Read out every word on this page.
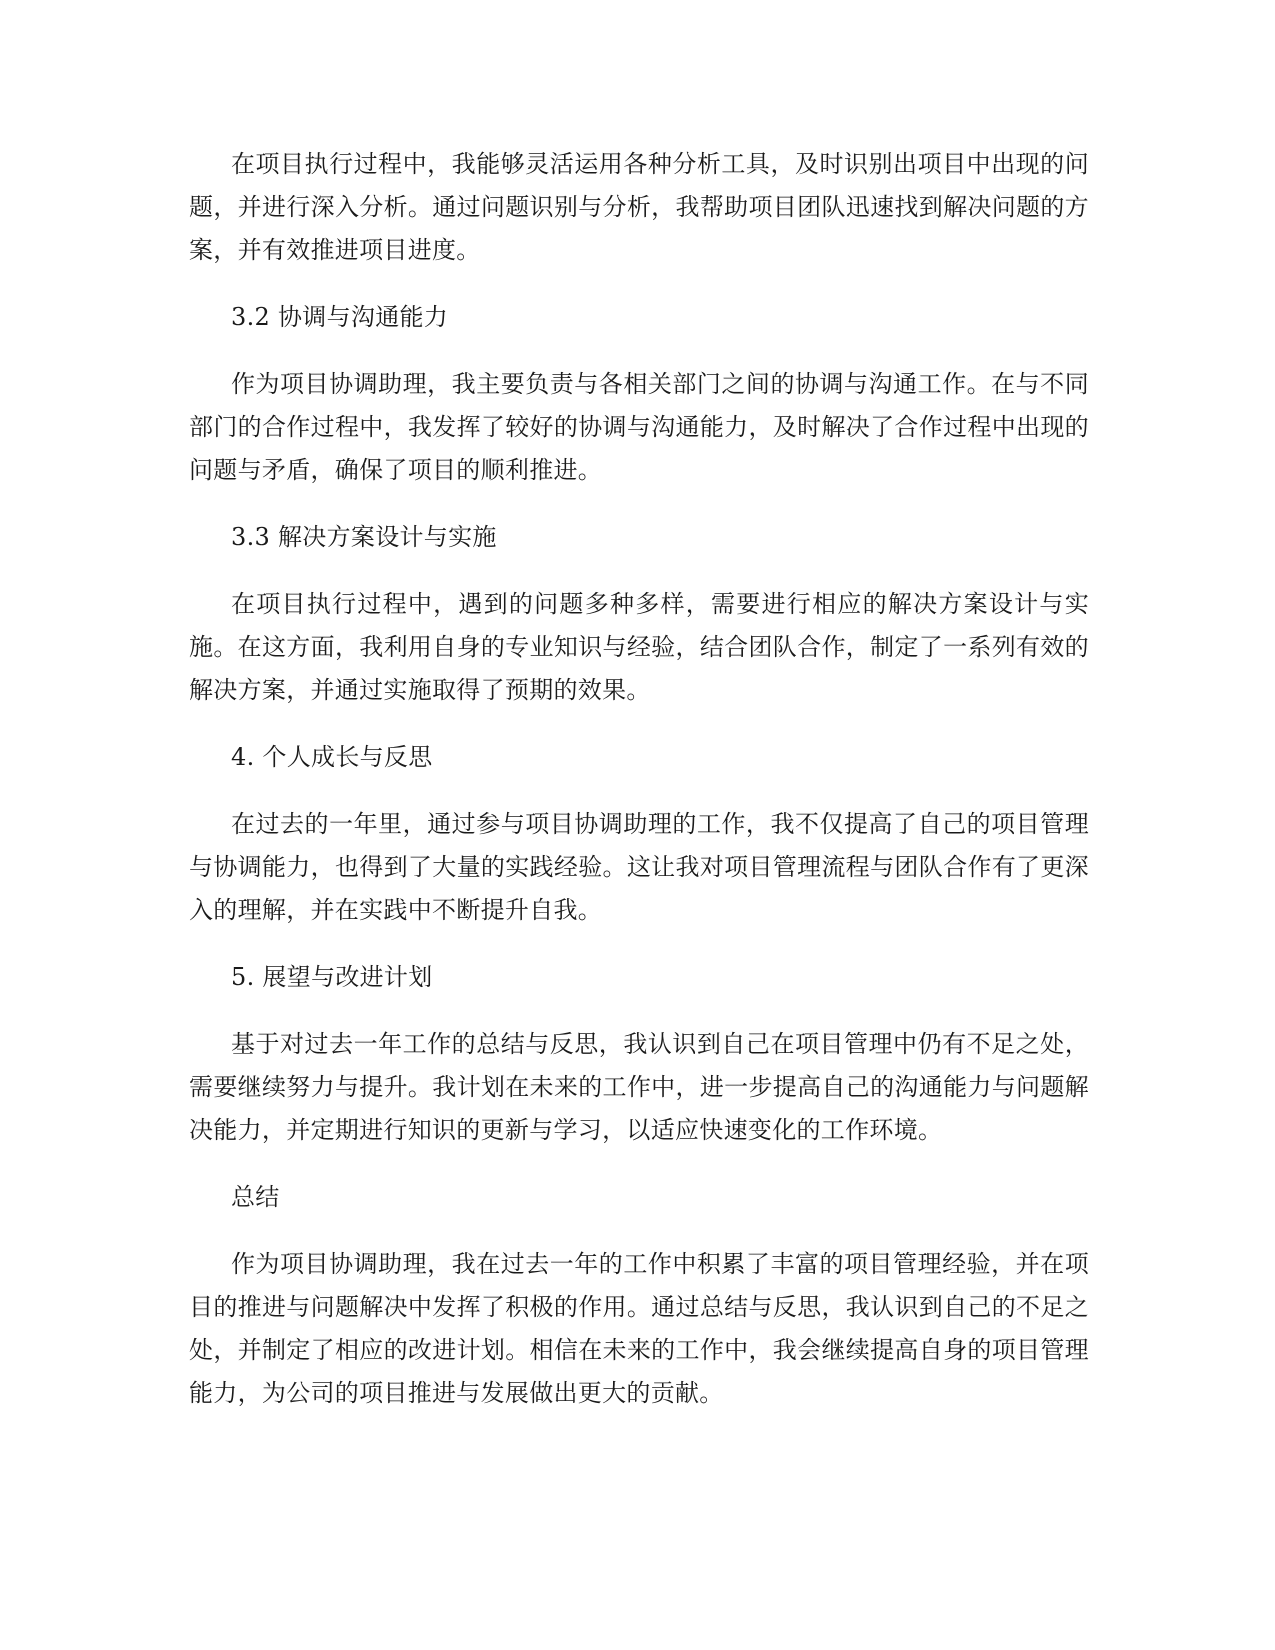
在项目执行过程中，我能够灵活运用各种分析工具，及时识别出项目中出现的问题，并进行深入分析。通过问题识别与分析，我帮助项目团队迅速找到解决问题的方案，并有效推进项目进度。

3.2 协调与沟通能力

作为项目协调助理，我主要负责与各相关部门之间的协调与沟通工作。在与不同部门的合作过程中，我发挥了较好的协调与沟通能力，及时解决了合作过程中出现的问题与矛盾，确保了项目的顺利推进。

3.3 解决方案设计与实施

在项目执行过程中，遇到的问题多种多样，需要进行相应的解决方案设计与实施。在这方面，我利用自身的专业知识与经验，结合团队合作，制定了一系列有效的解决方案，并通过实施取得了预期的效果。

4. 个人成长与反思

在过去的一年里，通过参与项目协调助理的工作，我不仅提高了自己的项目管理与协调能力，也得到了大量的实践经验。这让我对项目管理流程与团队合作有了更深入的理解，并在实践中不断提升自我。

5. 展望与改进计划

基于对过去一年工作的总结与反思，我认识到自己在项目管理中仍有不足之处，需要继续努力与提升。我计划在未来的工作中，进一步提高自己的沟通能力与问题解决能力，并定期进行知识的更新与学习，以适应快速变化的工作环境。

总结

作为项目协调助理，我在过去一年的工作中积累了丰富的项目管理经验，并在项目的推进与问题解决中发挥了积极的作用。通过总结与反思，我认识到自己的不足之处，并制定了相应的改进计划。相信在未来的工作中，我会继续提高自身的项目管理能力，为公司的项目推进与发展做出更大的贡献。
